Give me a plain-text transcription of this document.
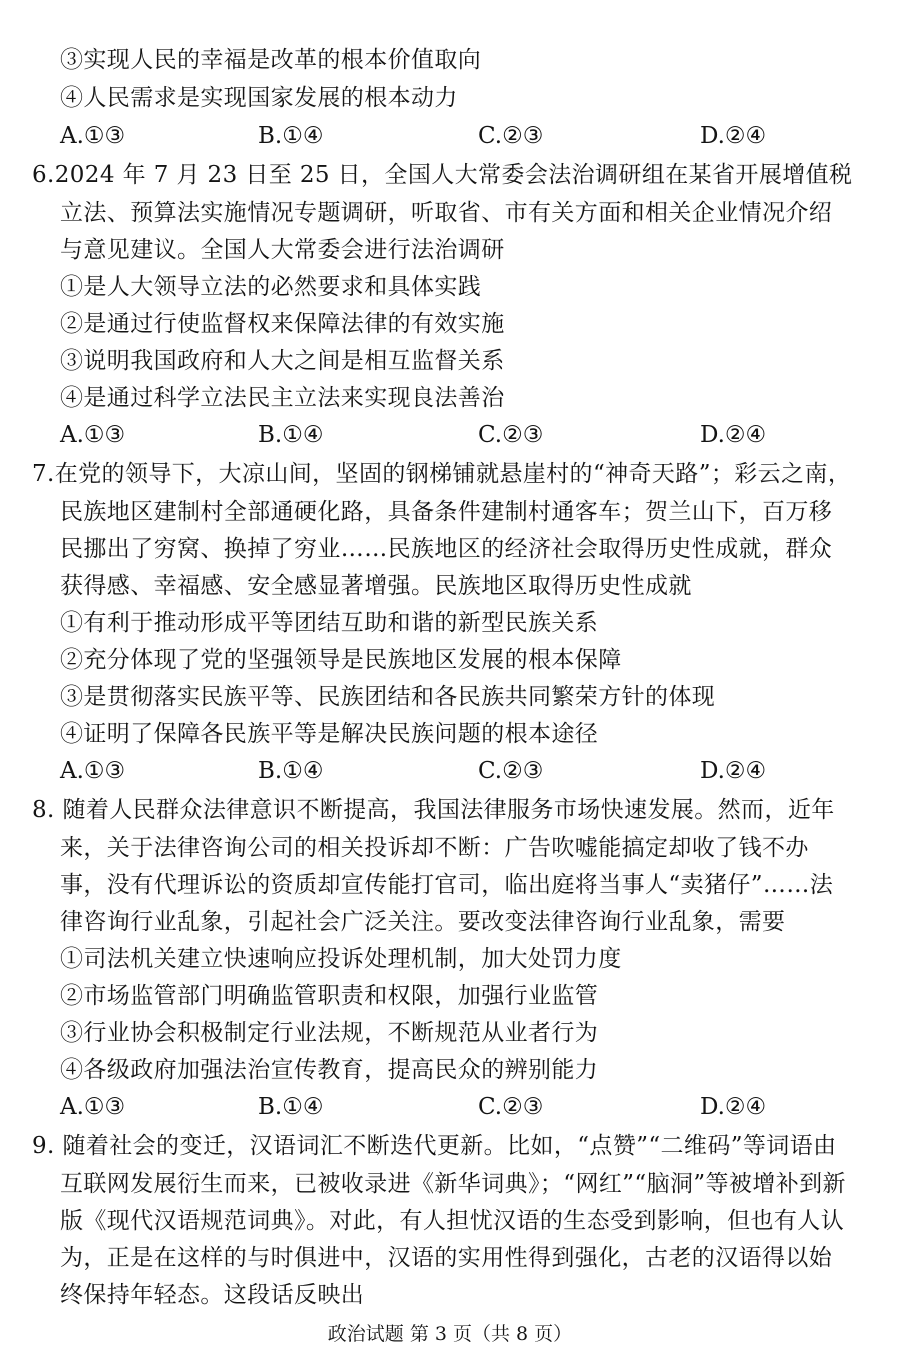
③实现人民的幸福是改革的根本价值取向
④人民需求是实现国家发展的根本动力
A.①③	B.①④	C.②③	D.②④
6.2024 年 7 月 23 日至 25 日，全国人大常委会法治调研组在某省开展增值税
立法、预算法实施情况专题调研，听取省、市有关方面和相关企业情况介绍
与意见建议。全国人大常委会进行法治调研
①是人大领导立法的必然要求和具体实践
②是通过行使监督权来保障法律的有效实施
③说明我国政府和人大之间是相互监督关系
④是通过科学立法民主立法来实现良法善治
A.①③	B.①④	C.②③	D.②④
7.在党的领导下，大凉山间，坚固的钢梯铺就悬崖村的“神奇天路”；彩云之南，
民族地区建制村全部通硬化路，具备条件建制村通客车；贺兰山下，百万移
民挪出了穷窝、换掉了穷业……民族地区的经济社会取得历史性成就，群众
获得感、幸福感、安全感显著增强。民族地区取得历史性成就
①有利于推动形成平等团结互助和谐的新型民族关系
②充分体现了党的坚强领导是民族地区发展的根本保障
③是贯彻落实民族平等、民族团结和各民族共同繁荣方针的体现
④证明了保障各民族平等是解决民族问题的根本途径
A.①③	B.①④	C.②③	D.②④
8. 随着人民群众法律意识不断提高，我国法律服务市场快速发展。然而，近年
来，关于法律咨询公司的相关投诉却不断：广告吹嘘能搞定却收了钱不办
事，没有代理诉讼的资质却宣传能打官司，临出庭将当事人“卖猪仔”……法
律咨询行业乱象，引起社会广泛关注。要改变法律咨询行业乱象，需要
①司法机关建立快速响应投诉处理机制，加大处罚力度
②市场监管部门明确监管职责和权限，加强行业监管
③行业协会积极制定行业法规，不断规范从业者行为
④各级政府加强法治宣传教育，提高民众的辨别能力
A.①③	B.①④	C.②③	D.②④
9. 随着社会的变迁，汉语词汇不断迭代更新。比如，“点赞”“二维码”等词语由
互联网发展衍生而来，已被收录进《新华词典》；“网红”“脑洞”等被增补到新
版《现代汉语规范词典》。对此，有人担忧汉语的生态受到影响，但也有人认
为，正是在这样的与时俱进中，汉语的实用性得到强化，古老的汉语得以始
终保持年轻态。这段话反映出
政治试题 第 3 页（共 8 页）
